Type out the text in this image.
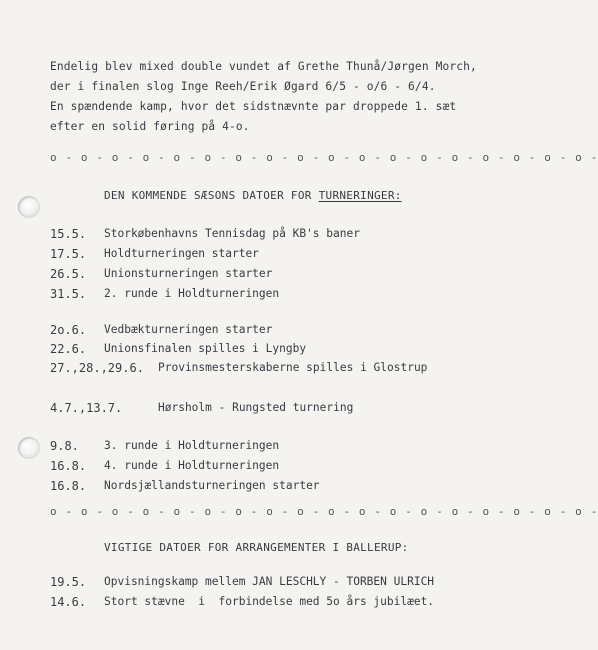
Endelig blev mixed double vundet af Grethe Thunå/Jørgen Morch,
der i finalen slog Inge Reeh/Erik Øgard 6/5 - o/6 - 6/4.
En spændende kamp, hvor det sidstnævnte par droppede 1. sæt
efter en solid føring på 4-o.
o - o - o - o - o - o - o - o - o - o - o - o - o - o - o - o - o - o -
DEN KOMMENDE SÆSONS DATOER FOR TURNERINGER:
15.5. Storkøbenhavns Tennisdag på KB's baner
17.5. Holdturneringen starter
26.5. Unionsturneringen starter
31.5. 2. runde i Holdturneringen
2o.6. Vedbækturneringen starter
22.6. Unionsfinalen spilles i Lyngby
27.,28.,29.6. Provinsmesterskaberne spilles i Glostrup
4.7.,13.7.	Hørsholm - Rungsted turnering
9.8. 3. runde i Holdturneringen
16.8. 4. runde i Holdturneringen
16.8. Nordsjællandsturneringen starter
o - o - o - o - o - o - o - o - o - o - o - o - o - o - o - o - o - o -
VIGTIGE DATOER FOR ARRANGEMENTER I BALLERUP:
19.5. Opvisningskamp mellem JAN LESCHLY - TORBEN ULRICH
14.6. Stort stævne  i  forbindelse med 5o års jubilæet.
